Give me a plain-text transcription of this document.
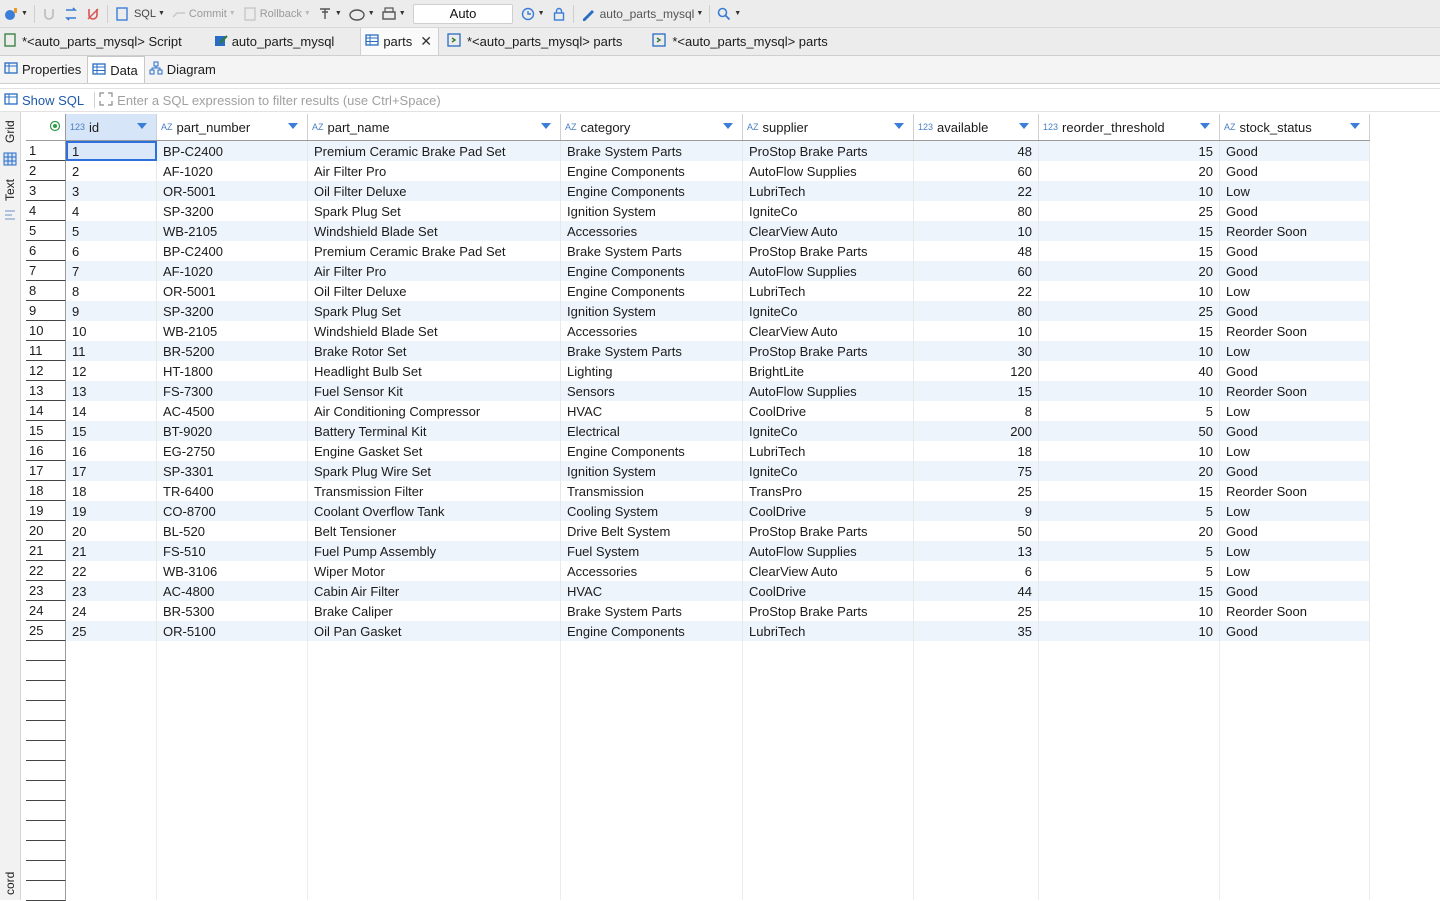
▼	SQL ▼ Commit ▼ Rollback ▼	▼	▼	▼	Auto	▼	auto_parts_mysql ▼	▼
*<auto_parts_mysql> Script	auto_parts_mysql	parts ✕	*<auto_parts_mysql> parts	*<auto_parts_mysql> parts
Properties Data Diagram
Show SQL
Enter a SQL expression to filter results (use Ctrl+Space)
Grid
Text
cord
123 id	AZ part_number	AZ part_name	AZ category	AZ supplier	123 available	123 reorder_threshold	AZ stock_status
1	1	BP-C2400	Premium Ceramic Brake Pad Set	Brake System Parts	ProStop Brake Parts	48	15	Good
2	2	AF-1020	Air Filter Pro	Engine Components	AutoFlow Supplies	60	20	Good
3	3	OR-5001	Oil Filter Deluxe	Engine Components	LubriTech	22	10	Low
4	4	SP-3200	Spark Plug Set	Ignition System	IgniteCo	80	25	Good
5	5	WB-2105	Windshield Blade Set	Accessories	ClearView Auto	10	15	Reorder Soon
6	6	BP-C2400	Premium Ceramic Brake Pad Set	Brake System Parts	ProStop Brake Parts	48	15	Good
7	7	AF-1020	Air Filter Pro	Engine Components	AutoFlow Supplies	60	20	Good
8	8	OR-5001	Oil Filter Deluxe	Engine Components	LubriTech	22	10	Low
9	9	SP-3200	Spark Plug Set	Ignition System	IgniteCo	80	25	Good
10	10	WB-2105	Windshield Blade Set	Accessories	ClearView Auto	10	15	Reorder Soon
11	11	BR-5200	Brake Rotor Set	Brake System Parts	ProStop Brake Parts	30	10	Low
12	12	HT-1800	Headlight Bulb Set	Lighting	BrightLite	120	40	Good
13	13	FS-7300	Fuel Sensor Kit	Sensors	AutoFlow Supplies	15	10	Reorder Soon
14	14	AC-4500	Air Conditioning Compressor	HVAC	CoolDrive	8	5	Low
15	15	BT-9020	Battery Terminal Kit	Electrical	IgniteCo	200	50	Good
16	16	EG-2750	Engine Gasket Set	Engine Components	LubriTech	18	10	Low
17	17	SP-3301	Spark Plug Wire Set	Ignition System	IgniteCo	75	20	Good
18	18	TR-6400	Transmission Filter	Transmission	TransPro	25	15	Reorder Soon
19	19	CO-8700	Coolant Overflow Tank	Cooling System	CoolDrive	9	5	Low
20	20	BL-520	Belt Tensioner	Drive Belt System	ProStop Brake Parts	50	20	Good
21	21	FS-510	Fuel Pump Assembly	Fuel System	AutoFlow Supplies	13	5	Low
22	22	WB-3106	Wiper Motor	Accessories	ClearView Auto	6	5	Low
23	23	AC-4800	Cabin Air Filter	HVAC	CoolDrive	44	15	Good
24	24	BR-5300	Brake Caliper	Brake System Parts	ProStop Brake Parts	25	10	Reorder Soon
25	25	OR-5100	Oil Pan Gasket	Engine Components	LubriTech	35	10	Good
